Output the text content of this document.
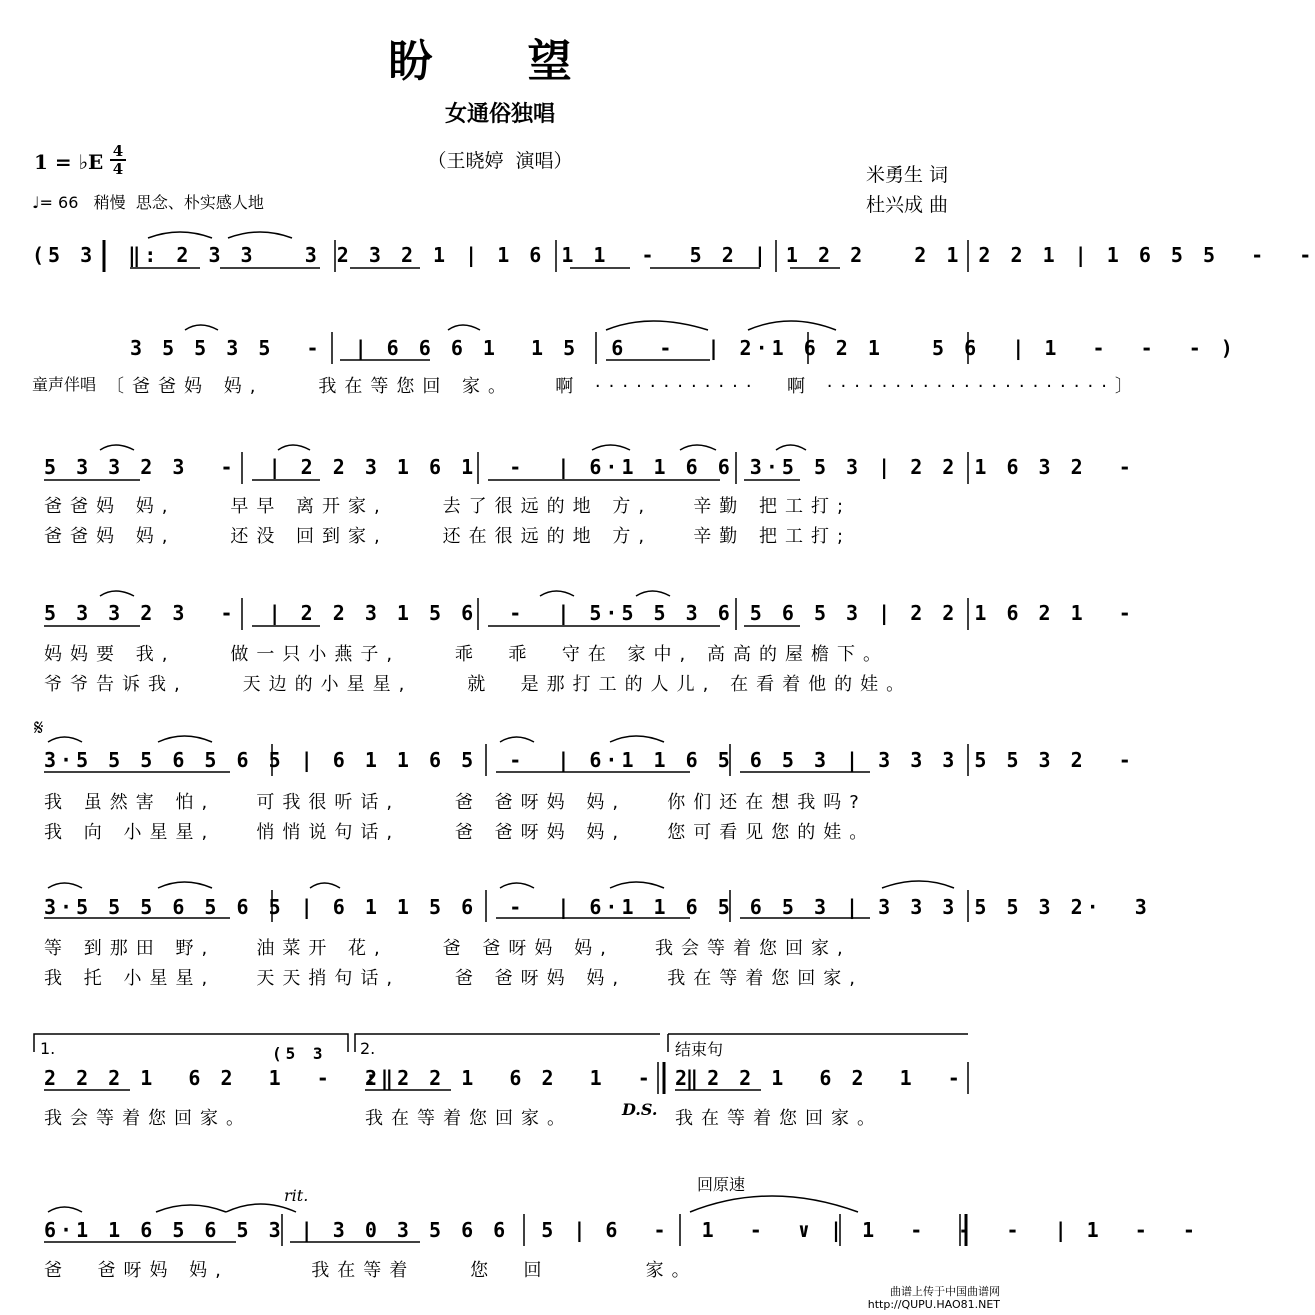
盼 望
女通俗独唱
（王晓婷  演唱）
1 = ♭E 4
4
♩= 66   稍慢  思念、朴实感人地
米勇生 词
杜兴成 曲
(5 3  ‖: 2 3 3   3 2 3 2 1 | 1 6 1 1  -  5 2 | 1 2 2   2 1 2 2 1 | 1 6 5 5  -  -
3 5 5 3 5  -  | 6 6 6 1  1 5  6  -  | 2·1 6 2 1   5 6  | 1  -  -  - )
童声伴唱 〔爸爸妈 妈,    我在等您回 家。   啊 ············  啊 ·····················〕
5 3 3 2 3  -  | 2 2 3 1 6 1  -  | 6·1 1 6 6 3·5 5 3 | 2 2 1 6 3 2  -
爸爸妈 妈,    早早 离开家,    去了很远的地 方,   辛勤 把工打;
爸爸妈 妈,    还没 回到家,    还在很远的地 方,   辛勤 把工打;
5 3 3 2 3  -  | 2 2 3 1 5 6  -  | 5·5 5 3 6 5 6 5 3 | 2 2 1 6 2 1  -
妈妈要 我,    做一只小燕子,    乖  乖  守在 家中, 高高的屋檐下。
爷爷告诉我,    天边的小星星,    就  是那打工的人儿, 在看着他的娃。
𝄋
3·5 5 5 6 5 6 5 | 6 1 1 6 5  -  | 6·1 1 6 5 6 5 3 | 3 3 3 5 5 3 2  -
我 虽然害 怕,   可我很听话,    爸 爸呀妈 妈,   你们还在想我吗?
我 向 小星星,   悄悄说句话,    爸 爸呀妈 妈,   您可看见您的娃。
3·5 5 5 6 5 6 5 | 6 1 1 5 6  -  | 6·1 1 6 5 6 5 3 | 3 3 3 5 5 3 2·  3
等 到那田 野,   油菜开 花,    爸 爸呀妈 妈,   我会等着您回家,
我 托 小星星,   天天捎句话,    爸 爸呀妈 妈,   我在等着您回家,
1.	2.	结束句
(5 3
2 2 2 1  6 2  1  -  :‖
2 2 2 1  6 2  1  -  ‖
2 2 2 1  6 2  1  -
我会等着您回家。	我在等着您回家。	D.S. 我在等着您回家。
rit.
回原速
6·1 1 6 5 6 5 3 | 3 0 3 5 6 6  5 | 6  -  1  -  ∨ | 1  -  -  -  | 1  -  -
爸  爸呀妈 妈,      我在等着    您  回       家。
曲谱上传于中国曲谱网
http://QUPU.HAO81.NET
